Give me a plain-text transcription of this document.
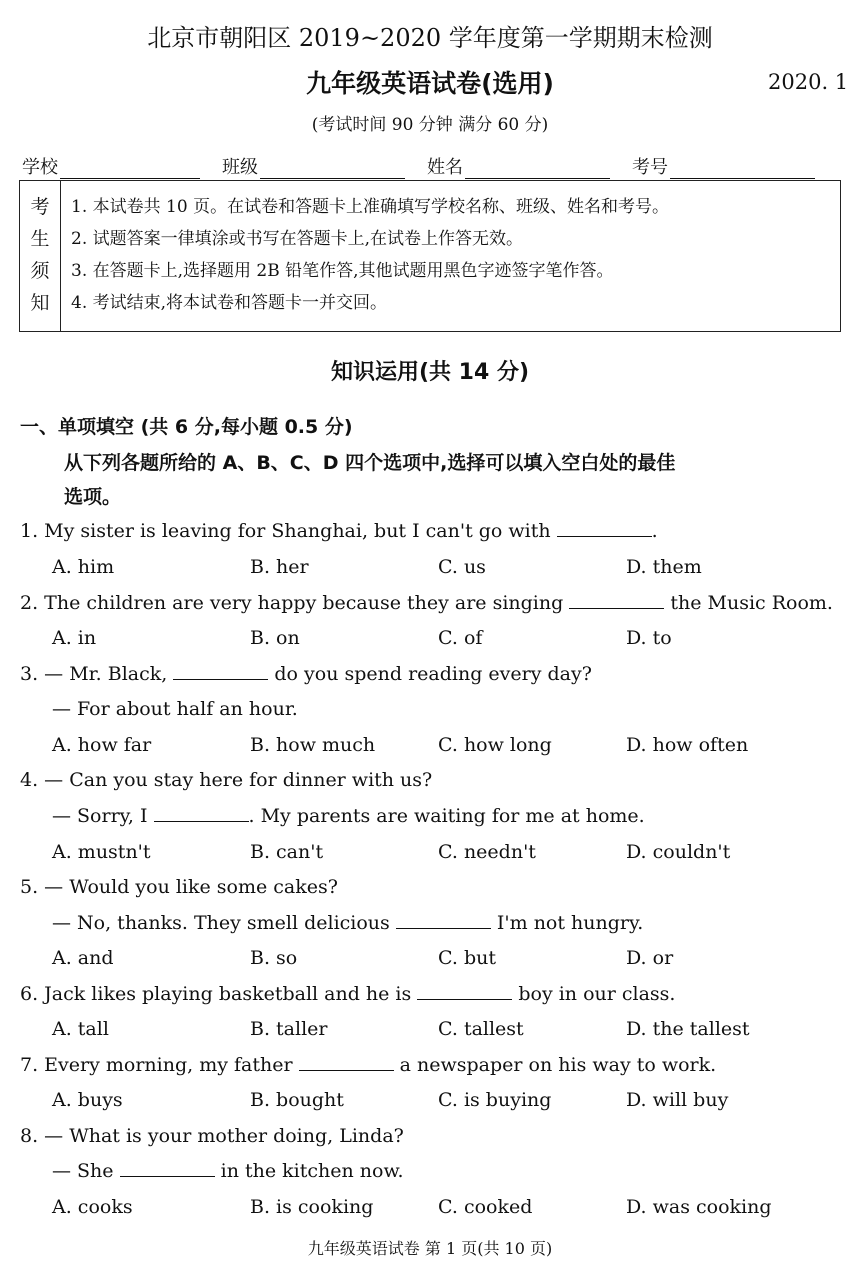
北京市朝阳区 2019~2020 学年度第一学期期末检测
九年级英语试卷(选用)	2020. 1
(考试时间 90 分钟 满分 60 分)
学校	班级	姓名	考号
考
生
须
知
1. 本试卷共 10 页。在试卷和答题卡上准确填写学校名称、班级、姓名和考号。
2. 试题答案一律填涂或书写在答题卡上,在试卷上作答无效。
3. 在答题卡上,选择题用 2B 铅笔作答,其他试题用黑色字迹签字笔作答。
4. 考试结束,将本试卷和答题卡一并交回。
知识运用(共 14 分)
一、单项填空 (共 6 分,每小题 0.5 分)
从下列各题所给的 A、B、C、D 四个选项中,选择可以填入空白处的最佳
选项。
1. My sister is leaving for Shanghai, but I can't go with	.
A. him	B. her	C. us	D. them
2. The children are very happy because they are singing	the Music Room.
A. in	B. on	C. of	D. to
3. — Mr. Black,	do you spend reading every day?
— For about half an hour.
A. how far	B. how much	C. how long	D. how often
4. — Can you stay here for dinner with us?
— Sorry, I	. My parents are waiting for me at home.
A. mustn't	B. can't	C. needn't	D. couldn't
5. — Would you like some cakes?
— No, thanks. They smell delicious	I'm not hungry.
A. and	B. so	C. but	D. or
6. Jack likes playing basketball and he is	boy in our class.
A. tall	B. taller	C. tallest	D. the tallest
7. Every morning, my father	a newspaper on his way to work.
A. buys	B. bought	C. is buying	D. will buy
8. — What is your mother doing, Linda?
— She	in the kitchen now.
A. cooks	B. is cooking	C. cooked	D. was cooking
九年级英语试卷 第 1 页(共 10 页)
